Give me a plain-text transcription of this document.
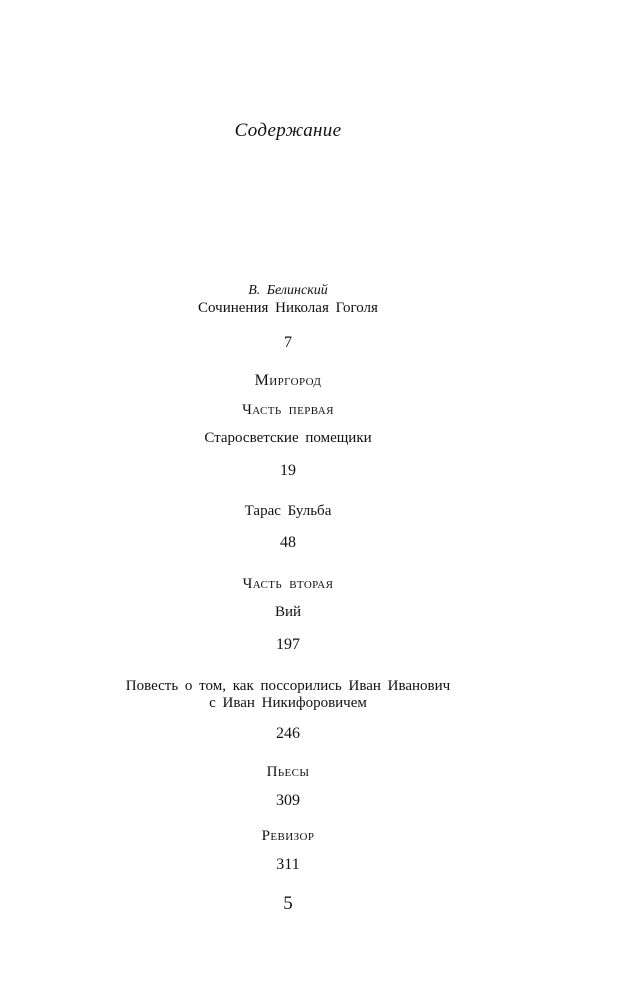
Содержание
В. Белинский
Сочинения Николая Гоголя
7
Миргород
Часть первая
Старосветские помещики
19
Тарас Бульба
48
Часть вторая
Вий
197
Повесть о том, как поссорились Иван Иванович
с Иван Никифоровичем
246
Пьесы
309
Ревизор
311
5
